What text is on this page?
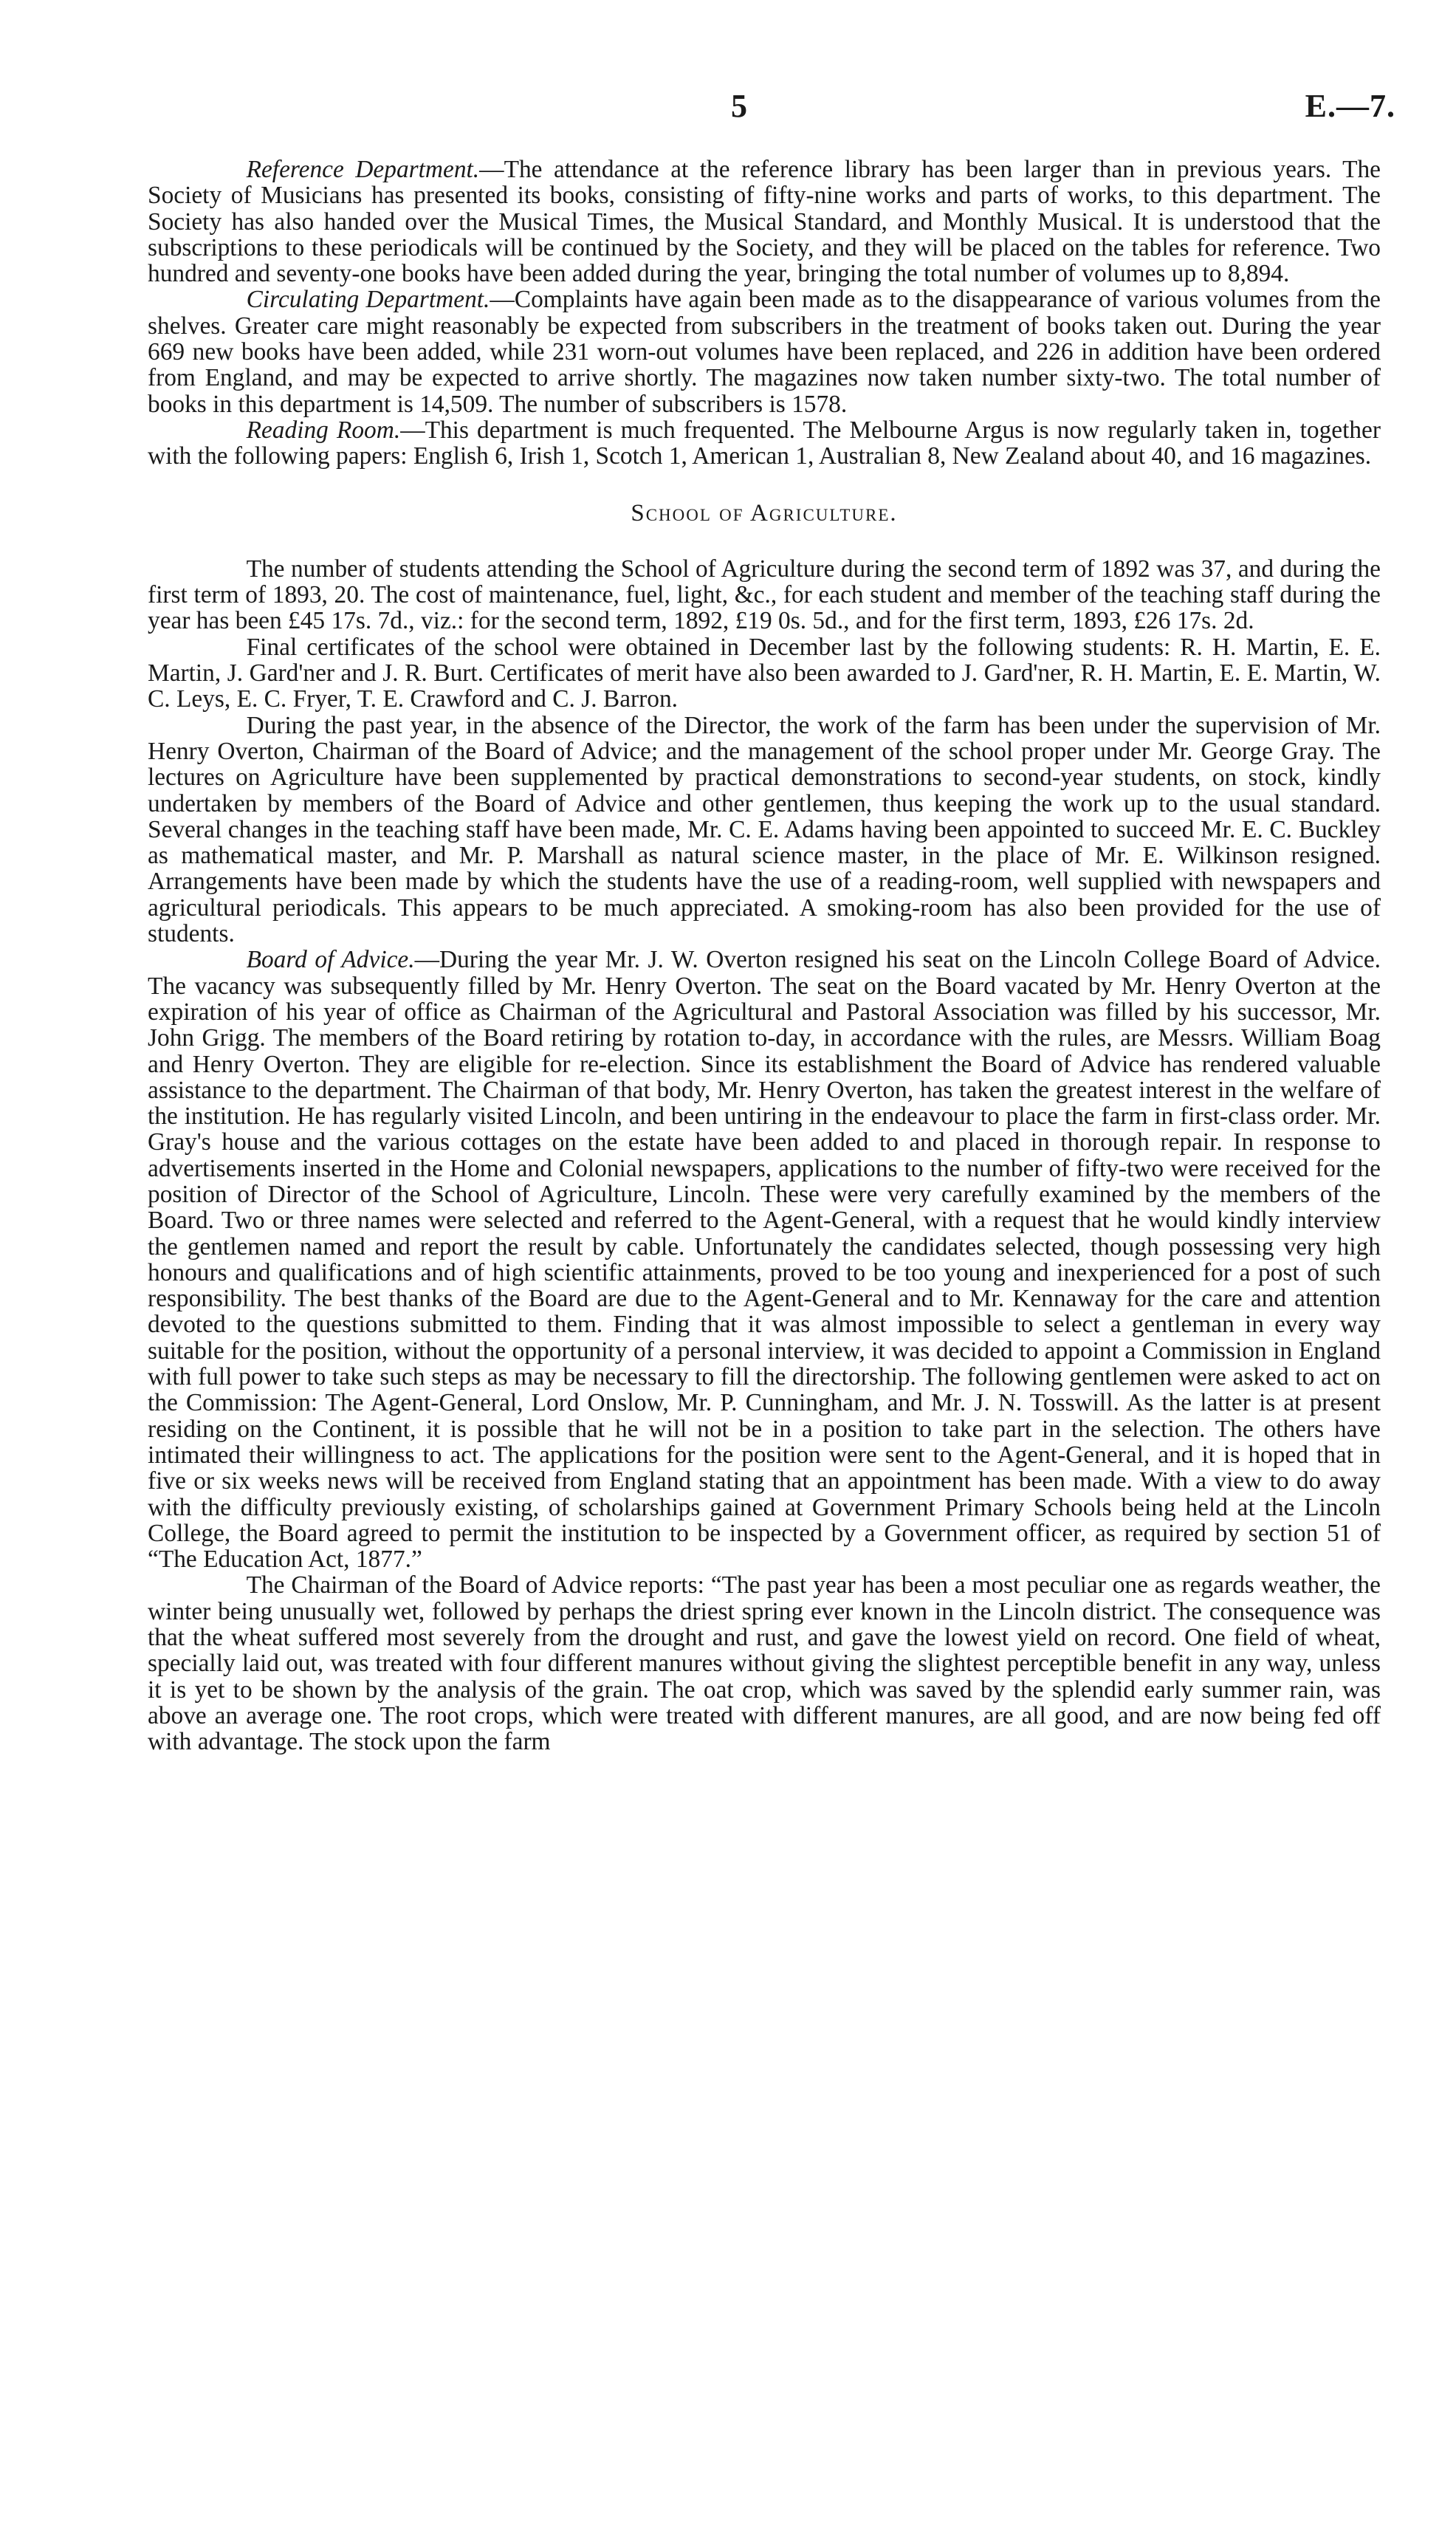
5	E.—7.

Reference Department.—The attendance at the reference library has been larger than in previous years. The Society of Musicians has presented its books, consisting of fifty-nine works and parts of works, to this department. The Society has also handed over the Musical Times, the Musical Standard, and Monthly Musical. It is understood that the subscriptions to these periodicals will be continued by the Society, and they will be placed on the tables for reference. Two hundred and seventy-one books have been added during the year, bringing the total number of volumes up to 8,894.

Circulating Department.—Complaints have again been made as to the disappearance of various volumes from the shelves. Greater care might reasonably be expected from subscribers in the treatment of books taken out. During the year 669 new books have been added, while 231 worn-out volumes have been replaced, and 226 in addition have been ordered from England, and may be expected to arrive shortly. The magazines now taken number sixty-two. The total number of books in this department is 14,509. The number of subscribers is 1578.

Reading Room.—This department is much frequented. The Melbourne Argus is now regularly taken in, together with the following papers: English 6, Irish 1, Scotch 1, American 1, Australian 8, New Zealand about 40, and 16 magazines.

School of Agriculture.

The number of students attending the School of Agriculture during the second term of 1892 was 37, and during the first term of 1893, 20. The cost of maintenance, fuel, light, &c., for each student and member of the teaching staff during the year has been £45 17s. 7d., viz.: for the second term, 1892, £19 0s. 5d., and for the first term, 1893, £26 17s. 2d.

Final certificates of the school were obtained in December last by the following students: R. H. Martin, E. E. Martin, J. Gard'ner and J. R. Burt. Certificates of merit have also been awarded to J. Gard'ner, R. H. Martin, E. E. Martin, W. C. Leys, E. C. Fryer, T. E. Crawford and C. J. Barron.

During the past year, in the absence of the Director, the work of the farm has been under the supervision of Mr. Henry Overton, Chairman of the Board of Advice; and the management of the school proper under Mr. George Gray. The lectures on Agriculture have been supplemented by practical demonstrations to second-year students, on stock, kindly undertaken by members of the Board of Advice and other gentlemen, thus keeping the work up to the usual standard. Several changes in the teaching staff have been made, Mr. C. E. Adams having been appointed to succeed Mr. E. C. Buckley as mathematical master, and Mr. P. Marshall as natural science master, in the place of Mr. E. Wilkinson resigned. Arrangements have been made by which the students have the use of a reading-room, well supplied with newspapers and agricultural periodicals. This appears to be much appreciated. A smoking-room has also been provided for the use of students.

Board of Advice.—During the year Mr. J. W. Overton resigned his seat on the Lincoln College Board of Advice. The vacancy was subsequently filled by Mr. Henry Overton. The seat on the Board vacated by Mr. Henry Overton at the expiration of his year of office as Chairman of the Agricultural and Pastoral Association was filled by his successor, Mr. John Grigg. The members of the Board retiring by rotation to-day, in accordance with the rules, are Messrs. William Boag and Henry Overton. They are eligible for re-election. Since its establishment the Board of Advice has rendered valuable assistance to the department. The Chairman of that body, Mr. Henry Overton, has taken the greatest interest in the welfare of the institution. He has regularly visited Lincoln, and been untiring in the endeavour to place the farm in first-class order. Mr. Gray's house and the various cottages on the estate have been added to and placed in thorough repair. In response to advertisements inserted in the Home and Colonial newspapers, applications to the number of fifty-two were received for the position of Director of the School of Agriculture, Lincoln. These were very carefully examined by the members of the Board. Two or three names were selected and referred to the Agent-General, with a request that he would kindly interview the gentlemen named and report the result by cable. Unfortunately the candidates selected, though possessing very high honours and qualifications and of high scientific attainments, proved to be too young and inexperienced for a post of such responsibility. The best thanks of the Board are due to the Agent-General and to Mr. Kennaway for the care and attention devoted to the questions submitted to them. Finding that it was almost impossible to select a gentleman in every way suitable for the position, without the opportunity of a personal interview, it was decided to appoint a Commission in England with full power to take such steps as may be necessary to fill the directorship. The following gentlemen were asked to act on the Commission: The Agent-General, Lord Onslow, Mr. P. Cunningham, and Mr. J. N. Tosswill. As the latter is at present residing on the Continent, it is possible that he will not be in a position to take part in the selection. The others have intimated their willingness to act. The applications for the position were sent to the Agent-General, and it is hoped that in five or six weeks news will be received from England stating that an appointment has been made. With a view to do away with the difficulty previously existing, of scholarships gained at Government Primary Schools being held at the Lincoln College, the Board agreed to permit the institution to be inspected by a Government officer, as required by section 51 of “The Education Act, 1877.”

The Chairman of the Board of Advice reports: “The past year has been a most peculiar one as regards weather, the winter being unusually wet, followed by perhaps the driest spring ever known in the Lincoln district. The consequence was that the wheat suffered most severely from the drought and rust, and gave the lowest yield on record. One field of wheat, specially laid out, was treated with four different manures without giving the slightest perceptible benefit in any way, unless it is yet to be shown by the analysis of the grain. The oat crop, which was saved by the splendid early summer rain, was above an average one. The root crops, which were treated with different manures, are all good, and are now being fed off with advantage. The stock upon the farm
